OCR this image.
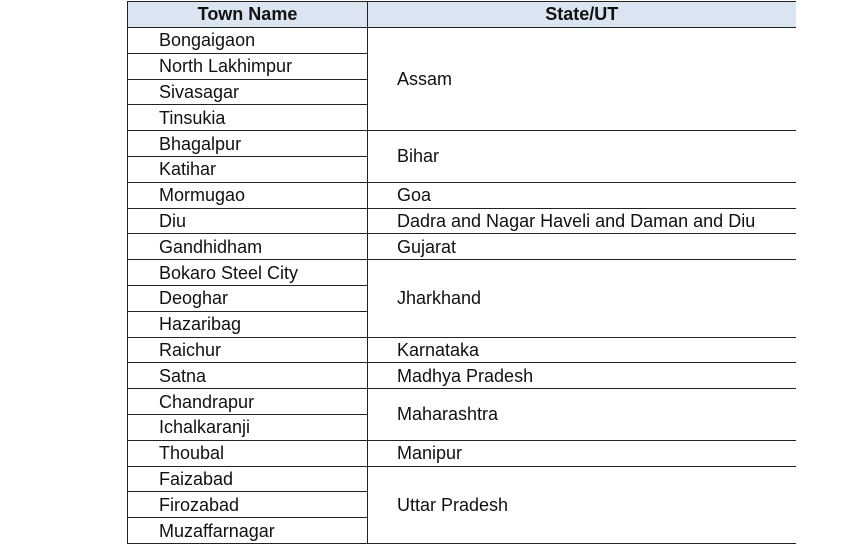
Town Name	State/UT
Bongaigaon	Assam
North Lakhimpur	
Sivasagar	
Tinsukia	
Bhagalpur	Bihar
Katihar	
Mormugao	Goa
Diu	Dadra and Nagar Haveli and Daman and Diu
Gandhidham	Gujarat
Bokaro Steel City	Jharkhand
Deoghar	
Hazaribag	
Raichur	Karnataka
Satna	Madhya Pradesh
Chandrapur	Maharashtra
Ichalkaranji	
Thoubal	Manipur
Faizabad	Uttar Pradesh
Firozabad	
Muzaffarnagar	
